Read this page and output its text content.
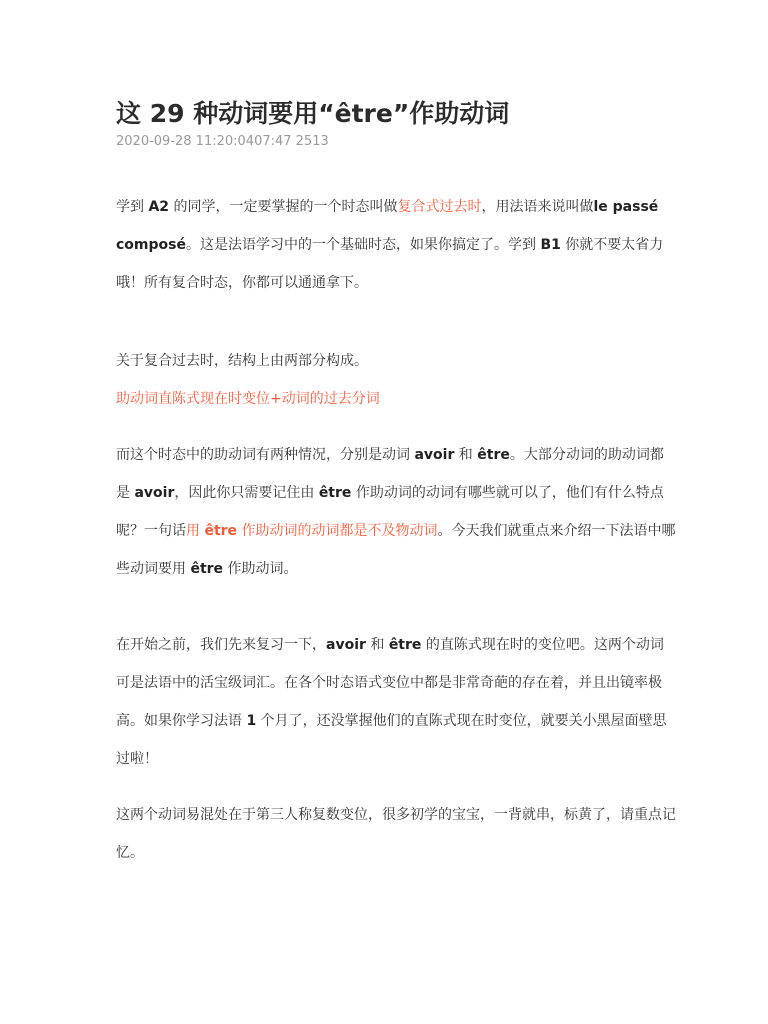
这 29 种动词要用“être”作助动词
2020-09-28 11:20:0407:47 2513

学到 A2 的同学，一定要掌握的一个时态叫做复合式过去时，用法语来说叫做le passé composé。这是法语学习中的一个基础时态，如果你搞定了。学到 B1 你就不要太省力哦！所有复合时态，你都可以通通拿下。

关于复合过去时，结构上由两部分构成。

助动词直陈式现在时变位+动词的过去分词

而这个时态中的助动词有两种情况，分别是动词 avoir 和 être。大部分动词的助动词都是 avoir，因此你只需要记住由 être 作助动词的动词有哪些就可以了，他们有什么特点呢？一句话用 être 作助动词的动词都是不及物动词。今天我们就重点来介绍一下法语中哪些动词要用 être 作助动词。

在开始之前，我们先来复习一下，avoir 和 être 的直陈式现在时的变位吧。这两个动词可是法语中的活宝级词汇。在各个时态语式变位中都是非常奇葩的存在着，并且出镜率极高。如果你学习法语 1 个月了，还没掌握他们的直陈式现在时变位，就要关小黑屋面壁思过啦！

这两个动词易混处在于第三人称复数变位，很多初学的宝宝，一背就串，标黄了，请重点记忆。
